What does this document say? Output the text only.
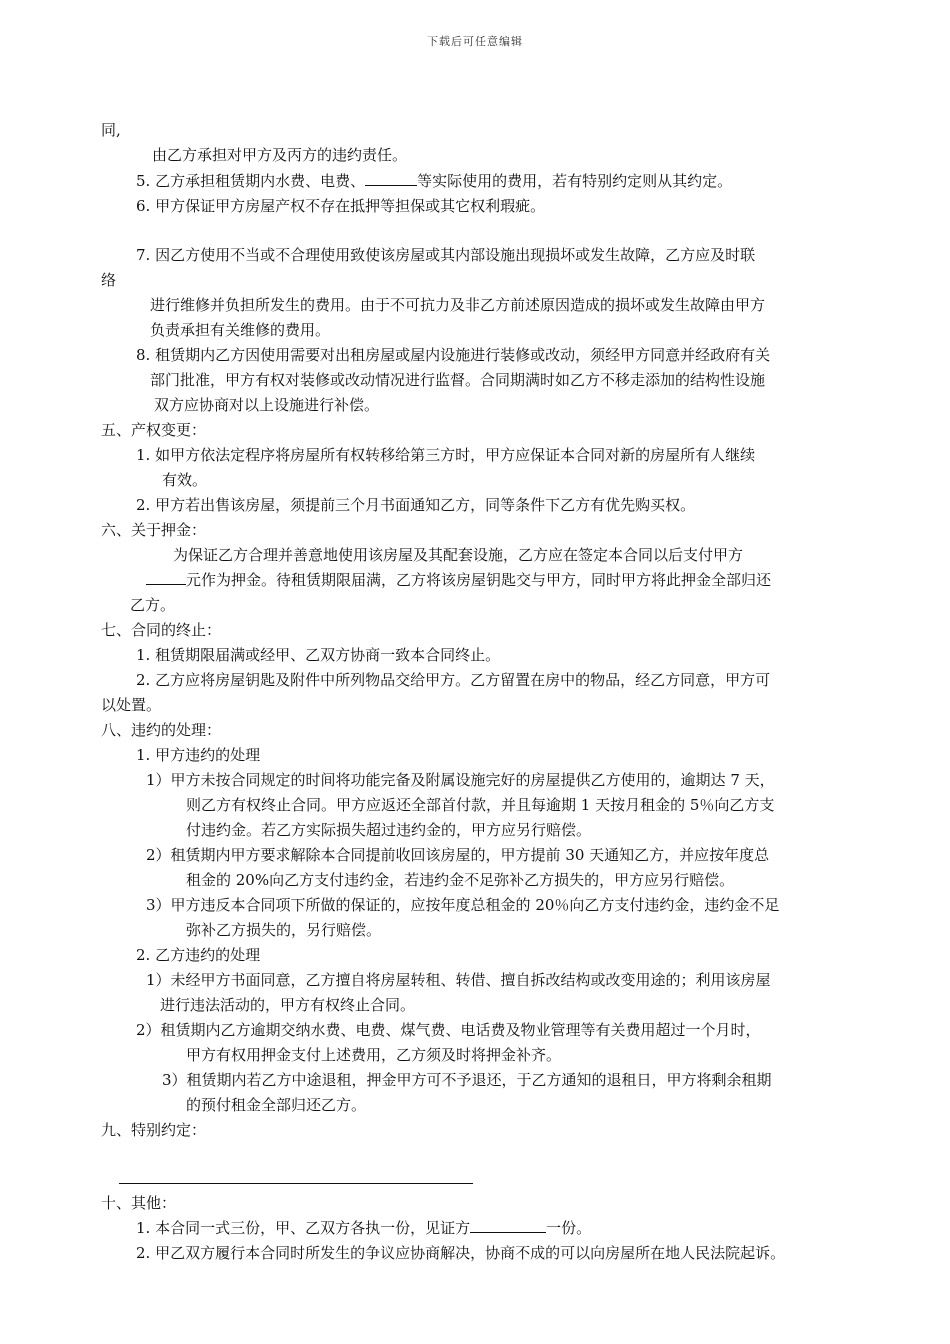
下载后可任意编辑
同,
由乙方承担对甲方及丙方的违约责任。
5. 乙方承担租赁期内水费、电费、	等实际使用的费用，若有特别约定则从其约定。
6. 甲方保证甲方房屋产权不存在抵押等担保或其它权利瑕疵。
7. 因乙方使用不当或不合理使用致使该房屋或其内部设施出现损坏或发生故障，乙方应及时联
络
进行维修并负担所发生的费用。由于不可抗力及非乙方前述原因造成的损坏或发生故障由甲方
负责承担有关维修的费用。
8. 租赁期内乙方因使用需要对出租房屋或屋内设施进行装修或改动，须经甲方同意并经政府有关
部门批准，甲方有权对装修或改动情况进行监督。合同期满时如乙方不移走添加的结构性设施
双方应协商对以上设施进行补偿。
五、产权变更：
1. 如甲方依法定程序将房屋所有权转移给第三方时，甲方应保证本合同对新的房屋所有人继续
有效。
2. 甲方若出售该房屋，须提前三个月书面通知乙方，同等条件下乙方有优先购买权。
六、关于押金：
为保证乙方合理并善意地使用该房屋及其配套设施，乙方应在签定本合同以后支付甲方
元作为押金。待租赁期限届满，乙方将该房屋钥匙交与甲方，同时甲方将此押金全部归还
乙方。
七、合同的终止：
1. 租赁期限届满或经甲、乙双方协商一致本合同终止。
2. 乙方应将房屋钥匙及附件中所列物品交给甲方。乙方留置在房中的物品，经乙方同意，甲方可
以处置。
八、违约的处理：
1. 甲方违约的处理
1）甲方未按合同规定的时间将功能完备及附属设施完好的房屋提供乙方使用的，逾期达 7 天，
则乙方有权终止合同。甲方应返还全部首付款，并且每逾期 1 天按月租金的 5％向乙方支
付违约金。若乙方实际损失超过违约金的，甲方应另行赔偿。
2）租赁期内甲方要求解除本合同提前收回该房屋的，甲方提前 30 天通知乙方，并应按年度总
租金的 20%向乙方支付违约金，若违约金不足弥补乙方损失的，甲方应另行赔偿。
3）甲方违反本合同项下所做的保证的，应按年度总租金的 20％向乙方支付违约金，违约金不足
弥补乙方损失的，另行赔偿。
2. 乙方违约的处理
1）未经甲方书面同意，乙方擅自将房屋转租、转借、擅自拆改结构或改变用途的；利用该房屋
进行违法活动的，甲方有权终止合同。
2）租赁期内乙方逾期交纳水费、电费、煤气费、电话费及物业管理等有关费用超过一个月时，
甲方有权用押金支付上述费用，乙方须及时将押金补齐。
3）租赁期内若乙方中途退租，押金甲方可不予退还，于乙方通知的退租日，甲方将剩余租期
的预付租金全部归还乙方。
九、特别约定：
十、其他：
1. 本合同一式三份，甲、乙双方各执一份，见证方	一份。
2. 甲乙双方履行本合同时所发生的争议应协商解决，协商不成的可以向房屋所在地人民法院起诉。
